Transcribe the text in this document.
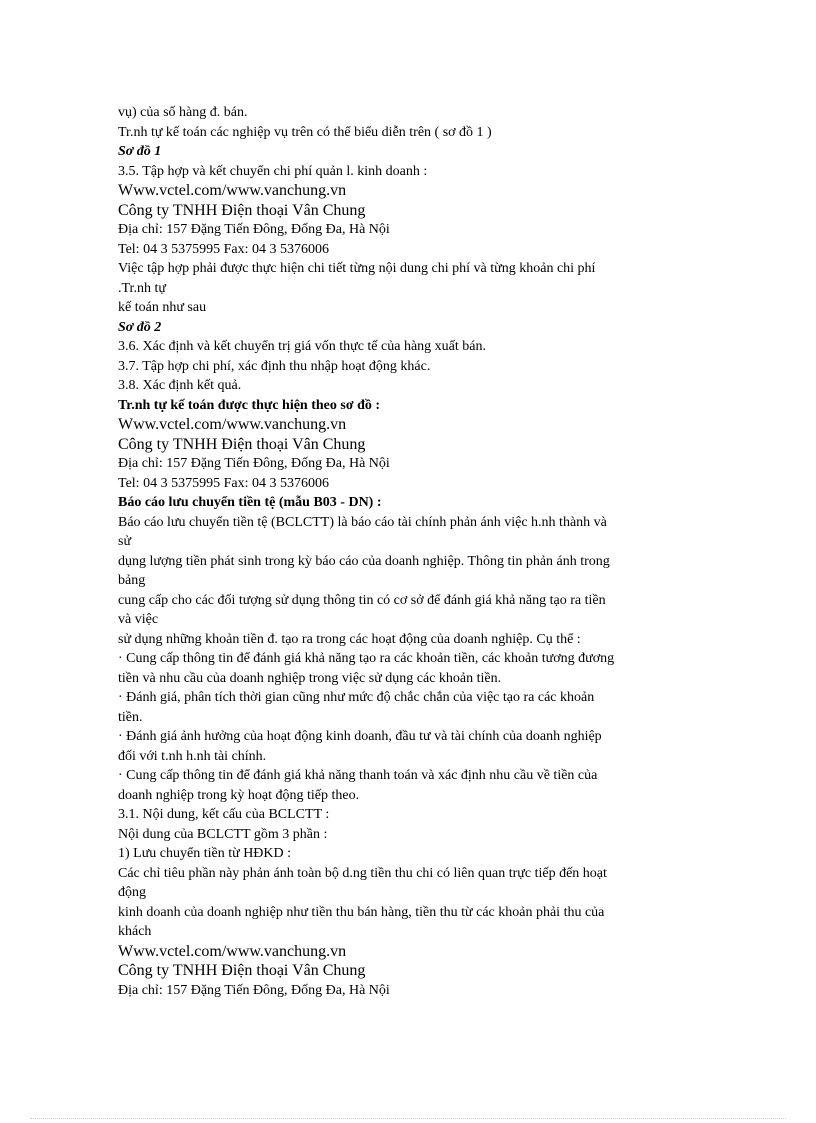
vụ) của số hàng đ. bán.
Tr.nh tự kế toán các nghiệp vụ trên có thể biểu diễn trên ( sơ đồ 1 )
Sơ đồ 1
3.5. Tập hợp và kết chuyển chi phí quản l. kinh doanh :
Www.vctel.com/www.vanchung.vn
Công ty TNHH Điện thoại Vân Chung
Địa chỉ: 157 Đặng Tiến Đông, Đống Đa, Hà Nội
Tel: 04 3 5375995 Fax: 04 3 5376006
Việc tập hợp phải được thực hiện chi tiết từng nội dung chi phí và từng khoản chi phí
.Tr.nh tự
kế toán như sau
Sơ đồ 2
3.6. Xác định và kết chuyển trị giá vốn thực tế của hàng xuất bán.
3.7. Tập hợp chi phí, xác định thu nhập hoạt động khác.
3.8. Xác định kết quả.
Tr.nh tự kế toán được thực hiện theo sơ đồ :
Www.vctel.com/www.vanchung.vn
Công ty TNHH Điện thoại Vân Chung
Địa chỉ: 157 Đặng Tiến Đông, Đống Đa, Hà Nội
Tel: 04 3 5375995 Fax: 04 3 5376006
Báo cáo lưu chuyển tiền tệ (mẫu B03 - DN) :
Báo cáo lưu chuyển tiền tệ (BCLCTT) là báo cáo tài chính phản ánh việc h.nh thành và
sử
dụng lượng tiền phát sinh trong kỳ báo cáo của doanh nghiệp. Thông tin phản ánh trong
bảng
cung cấp cho các đối tượng sử dụng thông tin có cơ sở để đánh giá khả năng tạo ra tiền
và việc
sử dụng những khoản tiền đ. tạo ra trong các hoạt động của doanh nghiệp. Cụ thể :
· Cung cấp thông tin để đánh giá khả năng tạo ra các khoản tiền, các khoản tương đương
tiền và nhu cầu của doanh nghiệp trong việc sử dụng các khoản tiền.
· Đánh giá, phân tích thời gian cũng như mức độ chắc chắn của việc tạo ra các khoản
tiền.
· Đánh giá ảnh hưởng của hoạt động kinh doanh, đầu tư và tài chính của doanh nghiệp
đối với t.nh h.nh tài chính.
· Cung cấp thông tin để đánh giá khả năng thanh toán và xác định nhu cầu về tiền của
doanh nghiệp trong kỳ hoạt động tiếp theo.
3.1. Nội dung, kết cấu của BCLCTT :
Nội dung của BCLCTT gồm 3 phần :
1) Lưu chuyển tiền từ HĐKD :
Các chỉ tiêu phần này phản ánh toàn bộ d.ng tiền thu chi có liên quan trực tiếp đến hoạt
động
kinh doanh của doanh nghiệp như tiền thu bán hàng, tiền thu từ các khoản phải thu của
khách
Www.vctel.com/www.vanchung.vn
Công ty TNHH Điện thoại Vân Chung
Địa chỉ: 157 Đặng Tiến Đông, Đống Đa, Hà Nội
